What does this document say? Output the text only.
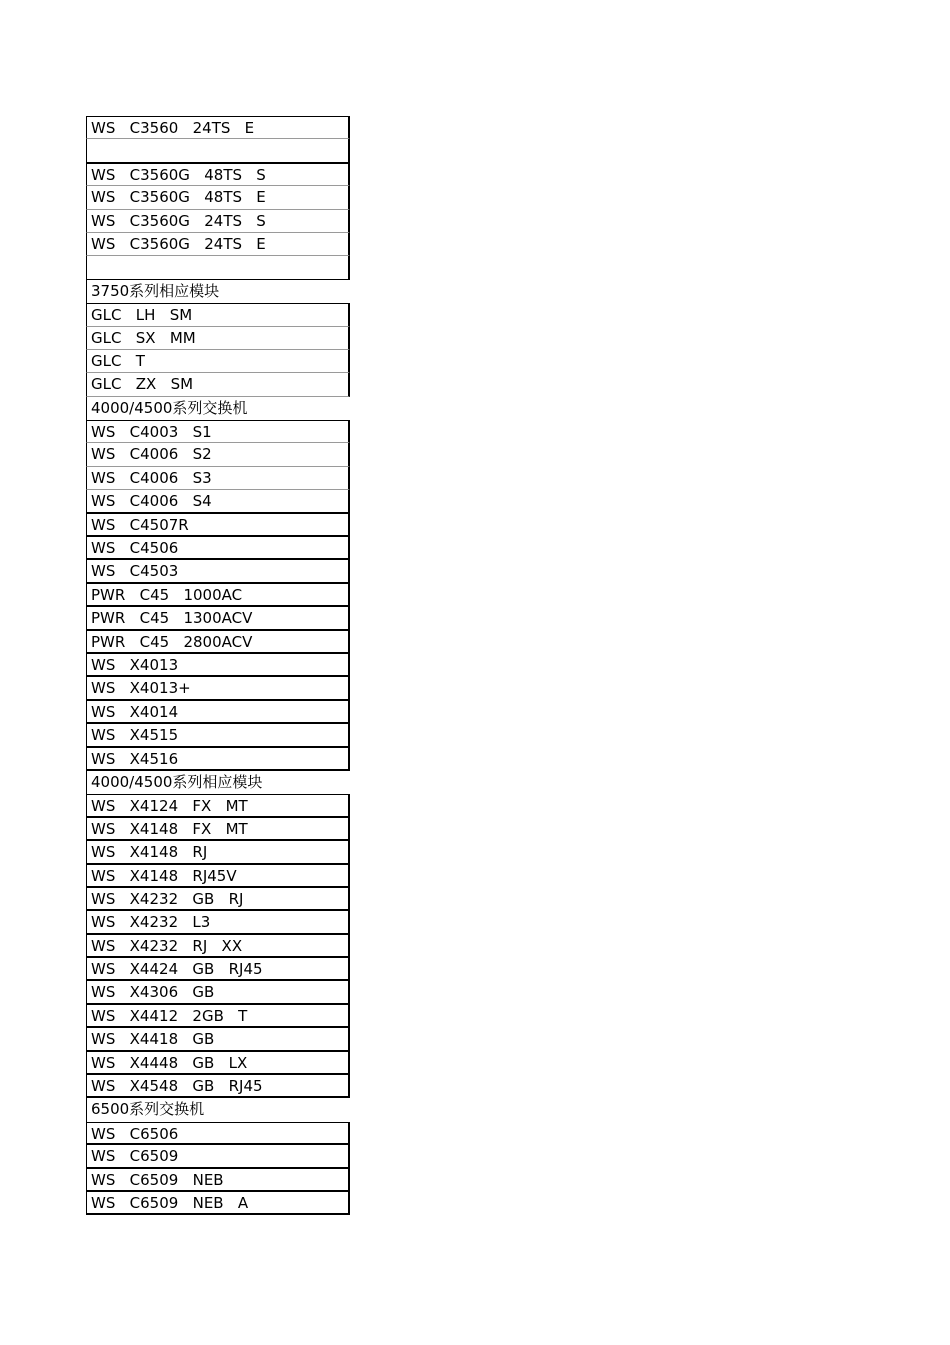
WS   C3560   24TS   E
WS   C3560G   48TS   S
WS   C3560G   48TS   E
WS   C3560G   24TS   S
WS   C3560G   24TS   E
3750系列相应模块
GLC   LH   SM
GLC   SX   MM
GLC   T
GLC   ZX   SM
4000/4500系列交换机
WS   C4003   S1
WS   C4006   S2
WS   C4006   S3
WS   C4006   S4
WS   C4507R
WS   C4506
WS   C4503
PWR   C45   1000AC
PWR   C45   1300ACV
PWR   C45   2800ACV
WS   X4013
WS   X4013+
WS   X4014
WS   X4515
WS   X4516
4000/4500系列相应模块
WS   X4124   FX   MT
WS   X4148   FX   MT
WS   X4148   RJ
WS   X4148   RJ45V
WS   X4232   GB   RJ
WS   X4232   L3
WS   X4232   RJ   XX
WS   X4424   GB   RJ45
WS   X4306   GB
WS   X4412   2GB   T
WS   X4418   GB
WS   X4448   GB   LX
WS   X4548   GB   RJ45
6500系列交换机
WS   C6506
WS   C6509
WS   C6509   NEB
WS   C6509   NEB   A
